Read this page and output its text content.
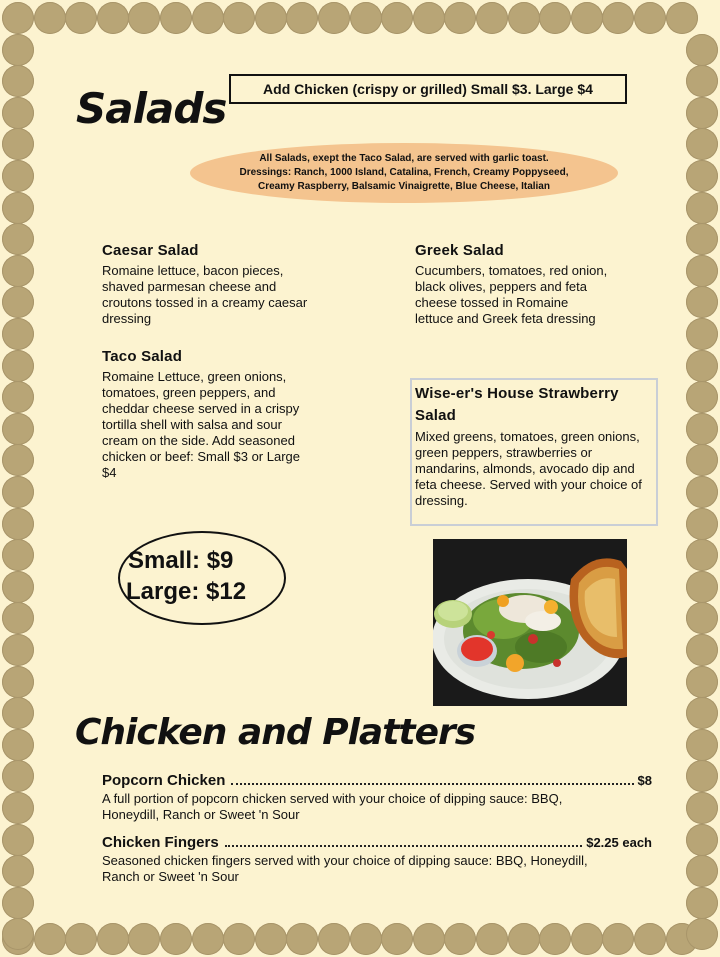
Salads	Add Chicken (crispy or grilled) Small $3. Large $4
All Salads, exept the Taco Salad, are served with garlic toast.
Dressings: Ranch, 1000 Island, Catalina, French, Creamy Poppyseed,
Creamy Raspberry, Balsamic Vinaigrette, Blue Cheese, Italian
Caesar Salad

Romaine lettuce, bacon pieces, shaved parmesan cheese and croutons tossed in a creamy caesar dressing

Greek Salad

Cucumbers, tomatoes, red onion, black olives, peppers and feta cheese tossed in Romaine lettuce and Greek feta dressing

Taco Salad

Romaine Lettuce, green onions, tomatoes, green peppers, and cheddar cheese served in a crispy tortilla shell with salsa and sour cream on the side. Add seasoned chicken or beef: Small $3 or Large $4

Wise-er's House Strawberry Salad

Mixed greens, tomatoes, green onions, green peppers, strawberries or mandarins, almonds, avocado dip and feta cheese. Served with your choice of dressing.

Small: $9
Large: $12
Chicken and Platters
Popcorn Chicken	$8

A full portion of popcorn chicken served with your choice of dipping sauce: BBQ, Honeydill, Ranch or Sweet 'n Sour

Chicken Fingers	$2.25 each

Seasoned chicken fingers served with your choice of dipping sauce: BBQ, Honeydill, Ranch or Sweet 'n Sour
